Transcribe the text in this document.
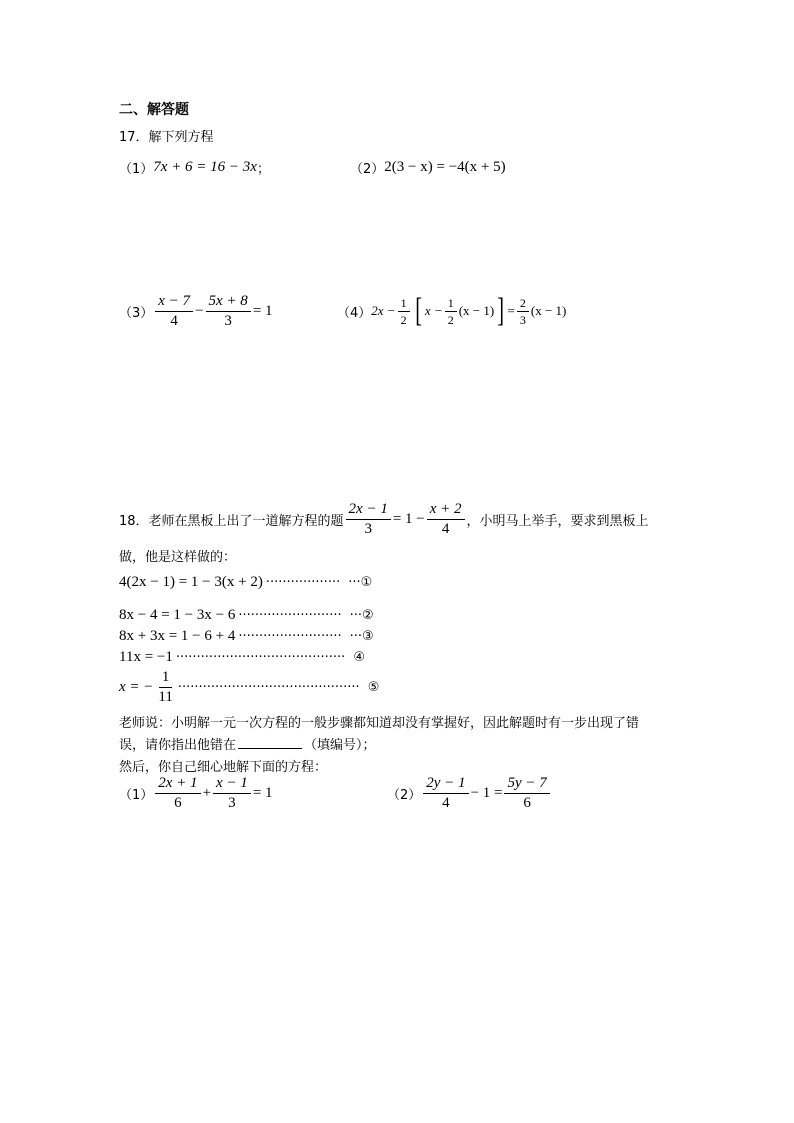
二、解答题
17．解下列方程
（1） 7x + 6 = 16 − 3x ；	（2） 2(3 − x) = −4(x + 5)
$(3) \frac{x - 7}{4} - \frac{5x + 8}{3} = 1$	（4） $2x - \frac{1}{2}$ [ $x - \frac{1}{2} (x - 1)$ ] = $\frac{2}{3} (x - 1)$
18．老师在黑板上出了一道解方程的题 $\frac{2x - 1}{3} = 1 - \frac{x + 2}{4}$ ，小明马上举手，要求到黑板上
做，他是这样做的：
4(2x − 1) = 1 − 3(x + 2) ·················· ···①
8x − 4 = 1 − 3x − 6 ························· ···②
8x + 3x = 1 − 6 + 4 ························· ···③
11x = −1 ········································· ④
x = − $\frac{1}{11}$ ············································ ⑤
老师说：小明解一元一次方程的一般步骤都知道却没有掌握好，因此解题时有一步出现了错
误，请你指出他错在	（填编号）；
然后，你自己细心地解下面的方程：
$(1) \frac{2x + 1}{6} + \frac{x - 1}{3} = 1$	$(2) \frac{2y - 1}{4} - 1 = \frac{5y - 7}{6}$
